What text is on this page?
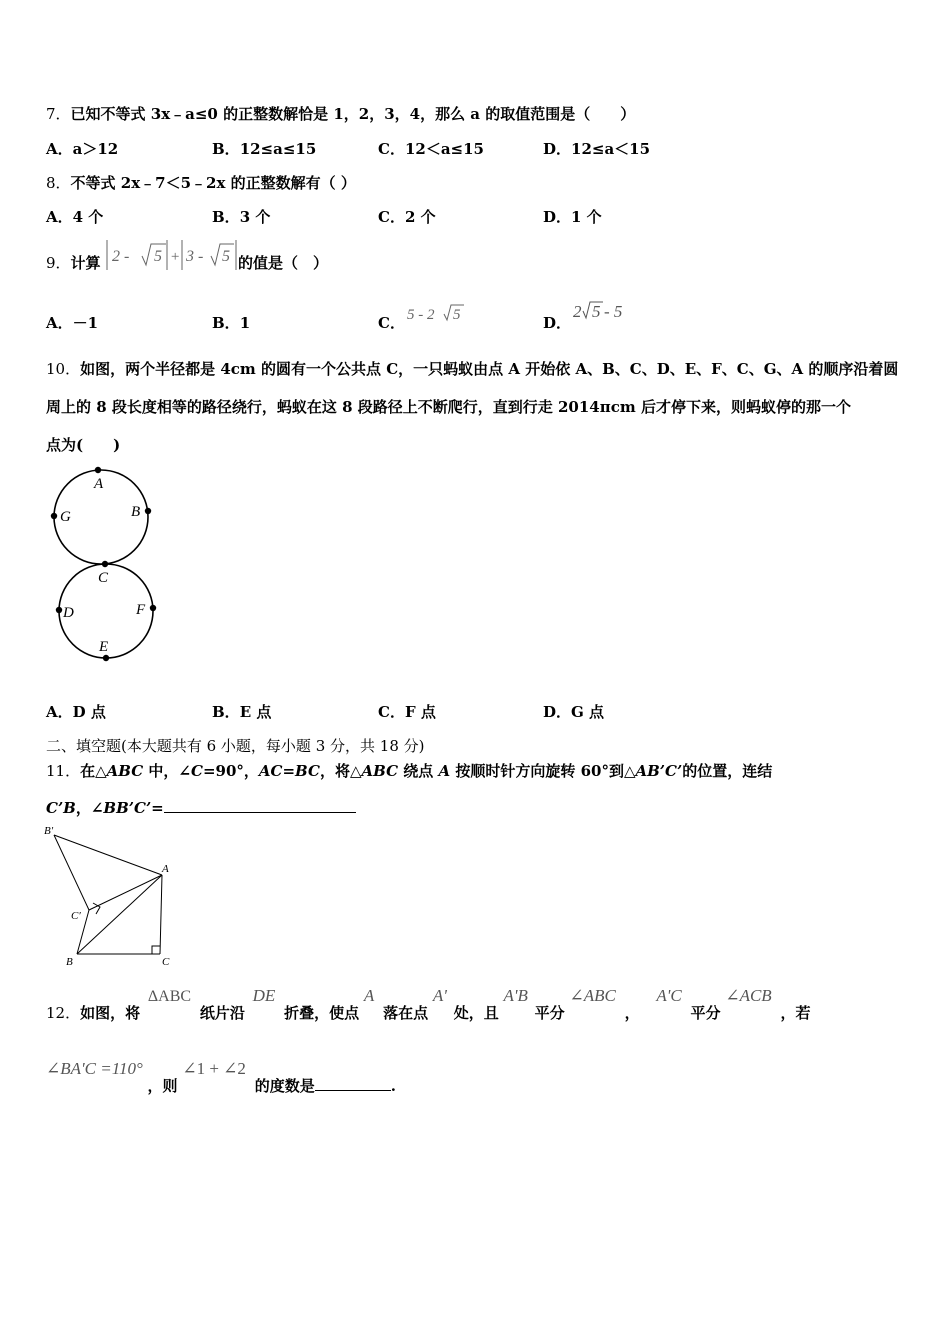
7．已知不等式 3x﹣a≤0 的正整数解恰是 1，2，3，4，那么 a 的取值范围是（　　）
A．a＞12	B．12≤a≤15	C．12＜a≤15	D．12≤a＜15
8．不等式 2x﹣7＜5﹣2x 的正整数解有（ ）
A．4 个	B．3 个	C．2 个	D．1 个
9．计算 2 - 5 + 3 - 5 的值是（　）
A．－1	B．1	C． 5 - 2 5	D．
2 5 - 5
10．如图，两个半径都是 4cm 的圆有一个公共点 C，一只蚂蚁由点 A 开始依 A、B、C、D、E、F、C、G、A 的顺序沿着圆
周上的 8 段长度相等的路径绕行，蚂蚁在这 8 段路径上不断爬行，直到行走 2014πcm 后才停下来，则蚂蚁停的那一个
点为(　　)
A
B
G
C
D	F
E
A．D 点	B．E 点	C．F 点	D．G 点
二、填空题(本大题共有 6 小题，每小题 3 分，共 18 分)
11．在△ABC 中，∠C=90°，AC=BC，将△ABC 绕点 A 按顺时针方向旋转 60°到△AB’C’的位置，连结
C’B，∠BB’C’=
B′
A
C′
B	C
12．如图，将 ΔABC 纸片沿 DE 折叠，使点 A 落在点 A' 处，且 A'B 平分 ∠ABC ， A'C 平分 ∠ACB ，若
∠BA'C =110° ，则 ∠1 + ∠2 的度数是	.
